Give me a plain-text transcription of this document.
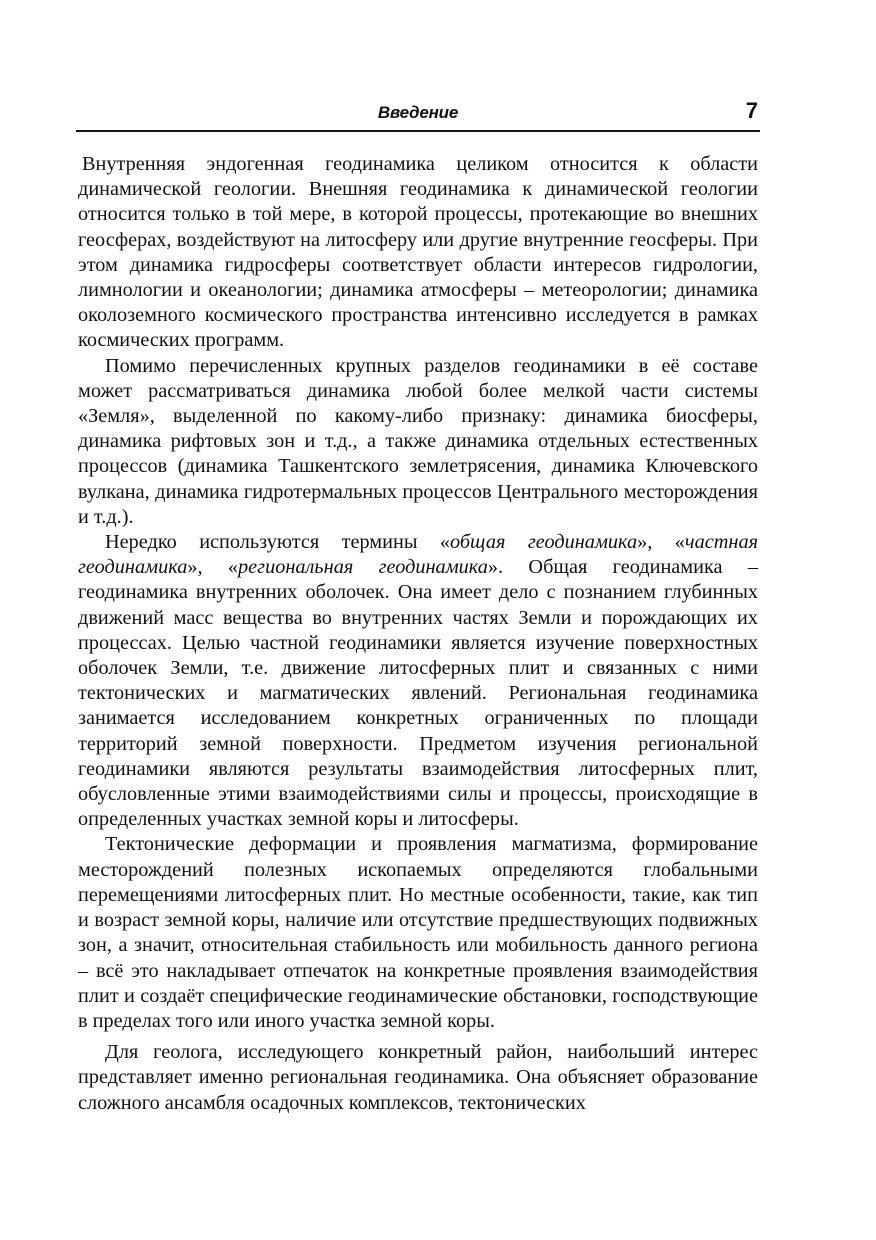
Введение	7

Внутренняя эндогенная геодинамика целиком относится к области динамической геологии. Внешняя геодинамика к динамической геологии относится только в той мере, в которой процессы, протекающие во внешних геосферах, воздействуют на литосферу или другие внутренние геосферы. При этом динамика гидросферы соответствует области интересов гидрологии, лимнологии и океанологии; динамика атмосферы – метеорологии; динамика околоземного космического пространства интенсивно исследуется в рамках космических программ.

Помимо перечисленных крупных разделов геодинамики в её составе может рассматриваться динамика любой более мелкой части системы «Земля», выделенной по какому-либо признаку: динамика биосферы, динамика рифтовых зон и т.д., а также динамика отдельных естественных процессов (динамика Ташкентского землетрясения, динамика Ключевского вулкана, динамика гидротермальных процессов Центрального месторождения и т.д.).

Нередко используются термины «общая геодинамика», «частная геодинамика», «региональная геодинамика». Общая геодинамика – геодинамика внутренних оболочек. Она имеет дело с познанием глубинных движений масс вещества во внутренних частях Земли и порождающих их процессах. Целью частной геодинамики является изучение поверхностных оболочек Земли, т.е. движение литосферных плит и связанных с ними тектонических и магматических явлений. Региональная геодинамика занимается исследованием конкретных ограниченных по площади территорий земной поверхности. Предметом изучения региональной геодинамики являются результаты взаимодействия литосферных плит, обусловленные этими взаимодействиями силы и процессы, происходящие в определенных участках земной коры и литосферы.

Тектонические деформации и проявления магматизма, формирование месторождений полезных ископаемых определяются глобальными перемещениями литосферных плит. Но местные особенности, такие, как тип и возраст земной коры, наличие или отсутствие предшествующих подвижных зон, а значит, относительная стабильность или мобильность данного региона – всё это накладывает отпечаток на конкретные проявления взаимодействия плит и создаёт специфические геодинамические обстановки, господствующие в пределах того или иного участка земной коры.

Для геолога, исследующего конкретный район, наибольший интерес представляет именно региональная геодинамика. Она объясняет образование сложного ансамбля осадочных комплексов, тектонических
